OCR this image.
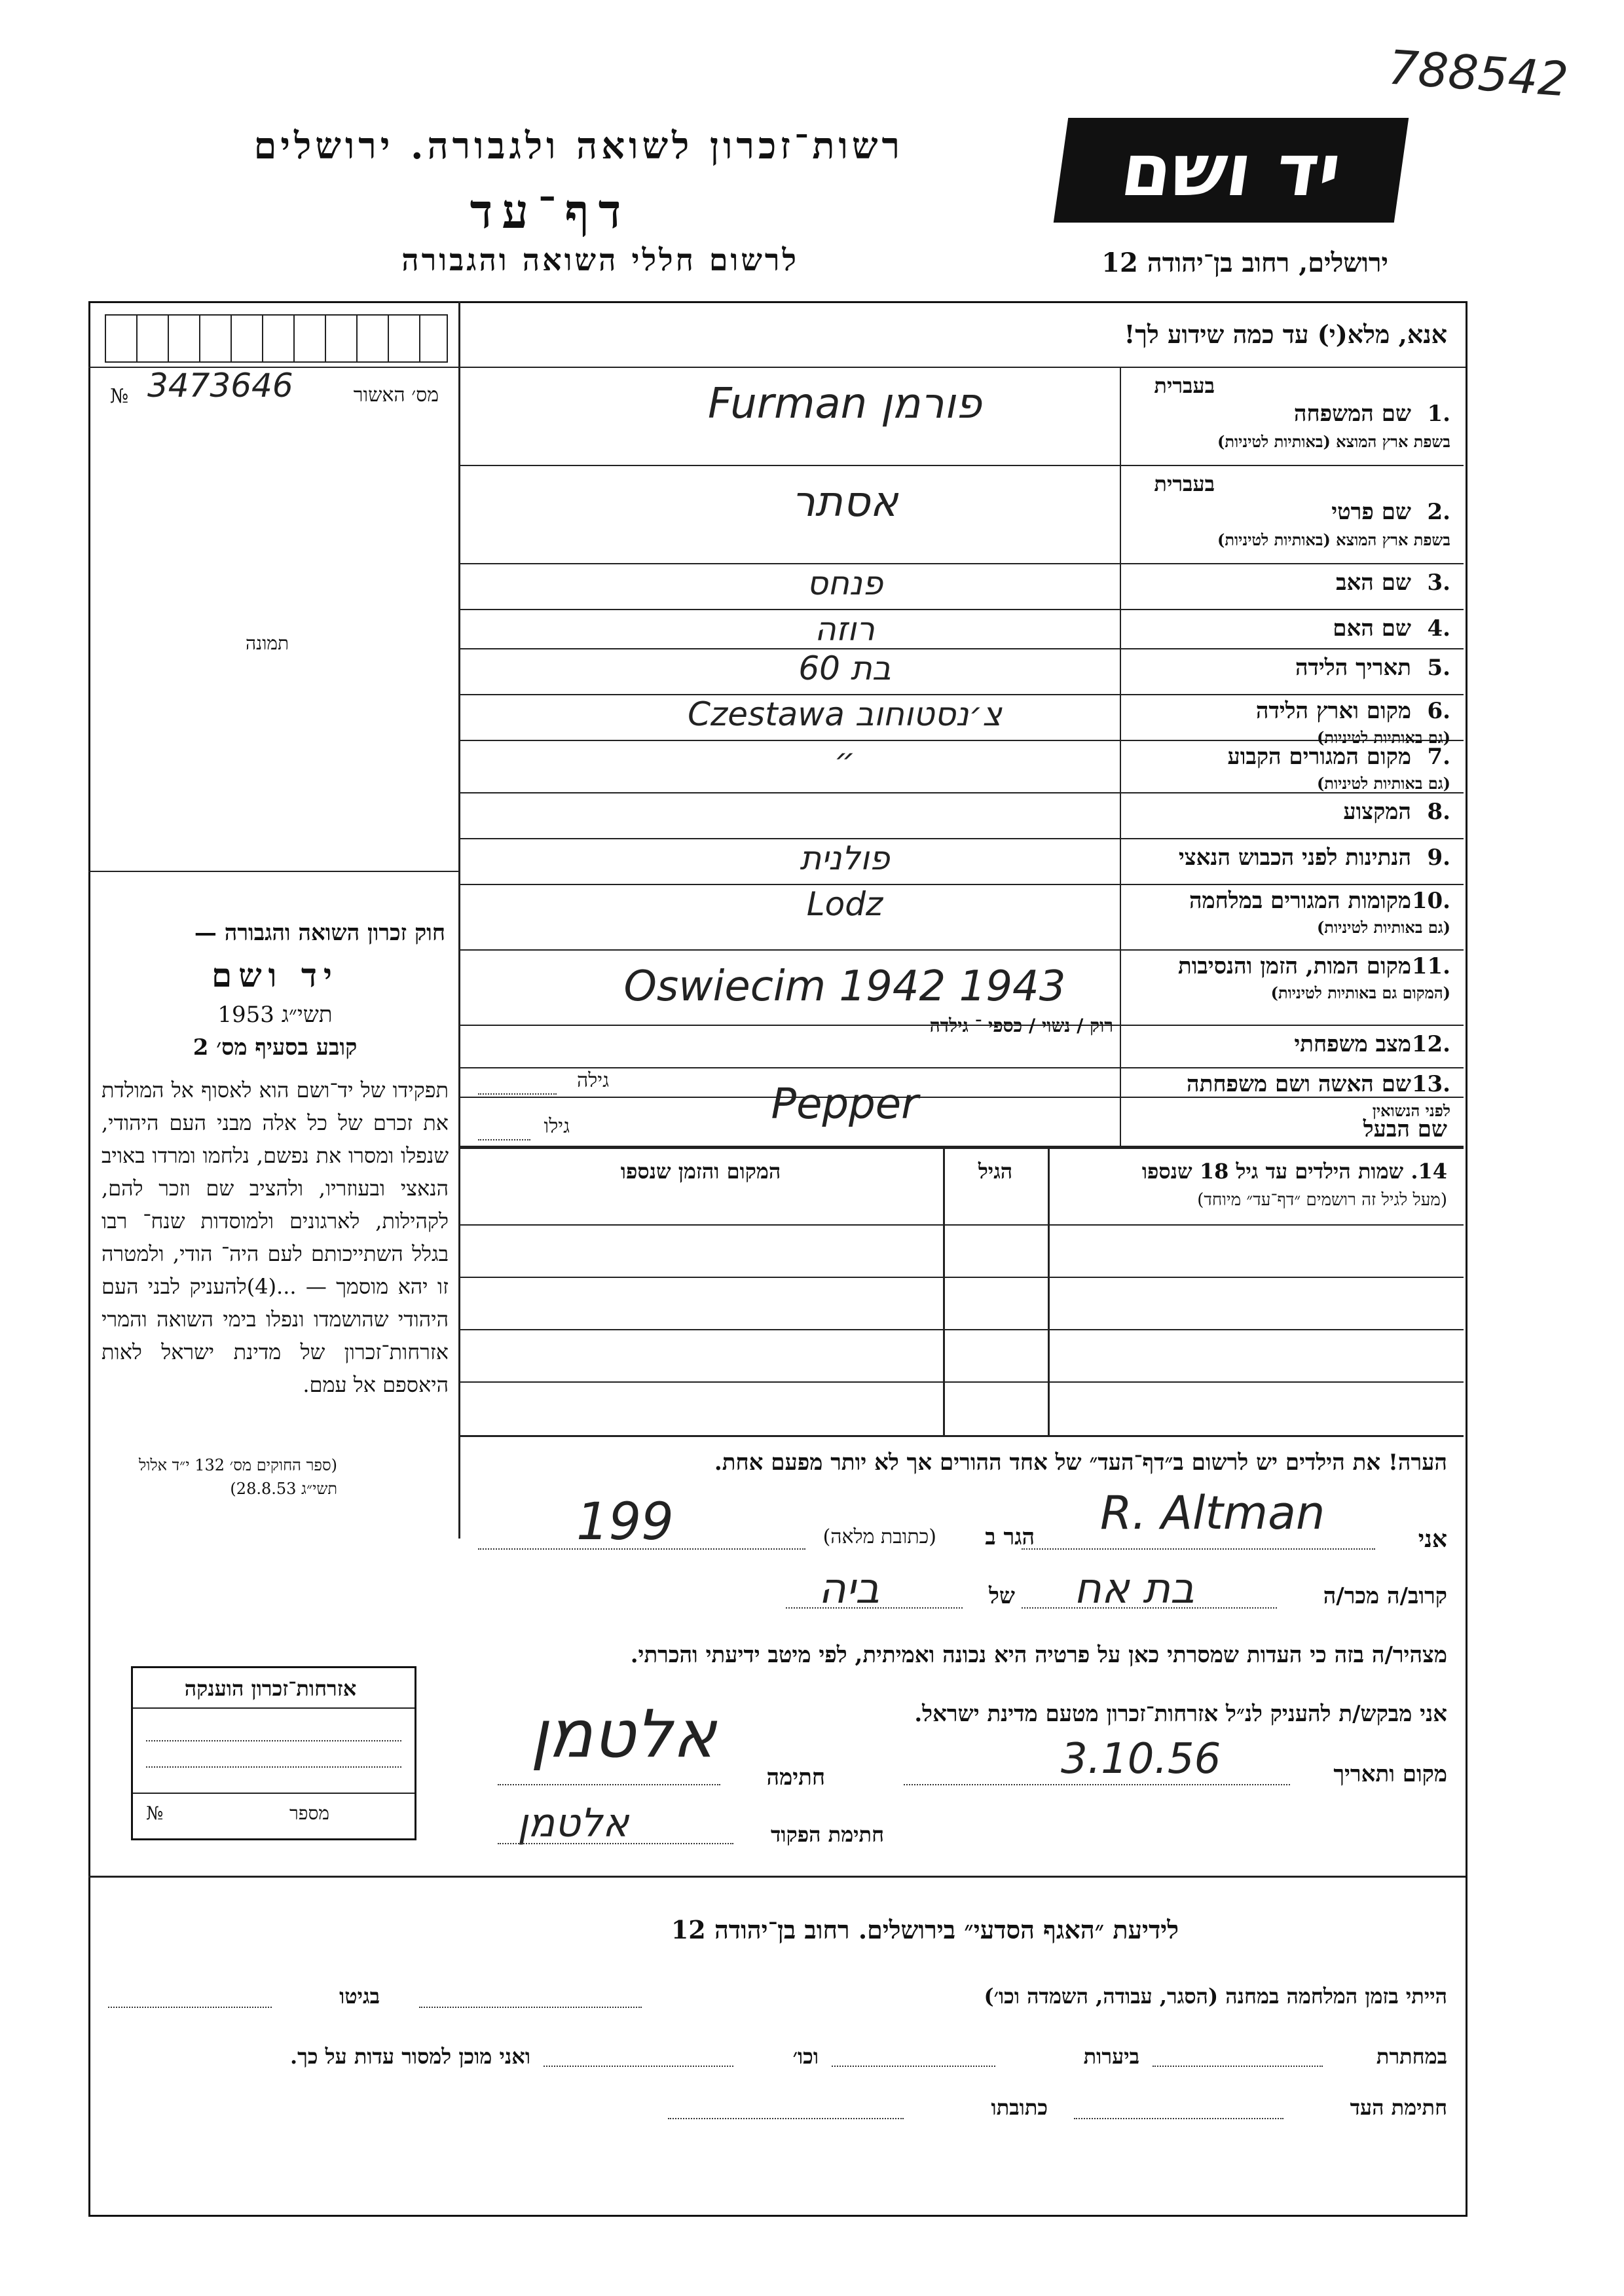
788542
רשות־זכרון לשואה ולגבורה. ירושלים
דף־עד
לרשום חללי השואה והגבורה
יד ושם
ירושלים, רחוב בן־יהודה 12
אנא, מלא(י) עד כמה שידוע לך!
מס׳ האשור
3473646
№
תמונה
חוק זכרון השואה והגבורה —
יד ושם
תשי״ג 1953
קובע בסעיף מס׳ 2
תפקידו של יד־ושם הוא לאסוף אל המולדת את זכרם של כל אלה מבני העם היהודי, שנפלו ומסרו את נפשם, נלחמו ומרדו באויב הנאצי ובעוזריו, ולהציב שם וזכר להם, לקהילות, לארגונים ולמוסדות שנח־ רבו בגלל השתייכותם לעם היה־ הודי, ולמטרה זו יהא מוסמך — ...(4)להעניק לבני העם היהודי שהושמדו ונפלו בימי השואה והמרי אזרחות־זכרון של מדינת ישראל לאות היאספם אל עמם.
(ספר החוקים מס׳ 132 י״ד אלול תשי״ג 28.8.53)
שם המשפחה 1.
בעברית
בשפת ארץ המוצא (באותיות לטיניות)
Furman פורמן
שם פרטי 2.
בעברית
בשפת ארץ המוצא (באותיות לטיניות)
אסתר
שם האב 3.
פנחס
שם האם 4.
רוזה
תאריך הלידה 5.
בת 60
מקום וארץ הלידה 6.
(גם באותיות לטיניות)
Czestawa צ׳נסטוחוב
מקום המגורים הקבוע 7.
(גם באותיות לטיניות)
״
המקצוע 8.
הנתינות לפני הכבוש הנאצי 9.
פולנית
מקומות המגורים במלחמה 10.
(גם באותיות לטיניות)
Lodz
מקום המות, הזמן והנסיבות 11.
(המקום גם באותיות לטיניות)
Oswiecim 1942 1943
מצב משפחתי 12.
שם האשה ושם משפחתה 13.
לפני הנשואין
Pepper
רוק / נשוי / כספי ־ גילדה
גילה
שם הבעל
גילו
14. שמות הילדים עד גיל 18 שנספו
(מעל לגיל זה רושמים ״דף־עד״ מיוחד)
הגיל
המקום והזמן שנספו
הערה! את הילדים יש לרשום ב״דף־העד״ של אחד ההורים אך לא יותר מפעם אחת.
אני
R. Altman
הגר ב
(כתובת מלאה)
199
קרוב/ה מכר/ה
בת אח
של
ביה
מצהיר/ה בזה כי העדות שמסרתי כאן על פרטיה היא נכונה ואמיתית, לפי מיטב ידיעתי והכרתי.
אני מבקש/ת להעניק לנ״ל אזרחות־זכרון מטעם מדינת ישראל.
מקום ותאריך
3.10.56
חתימה
אלטמן
חתימת הפקוד
אלטמן
אזרחות־זכרון הוענקה
מספר
№
לידיעת ״האגף הסדעי״ בירושלים. רחוב בן־יהודה 12
הייתי בזמן המלחמה במחנה (הסגר, עבודה, השמדה וכו׳)
בגיטו
במחתרת
ביערות
וכו׳
ואני מוכן למסור עדות על כך.
חתימת העד
כתובתו
